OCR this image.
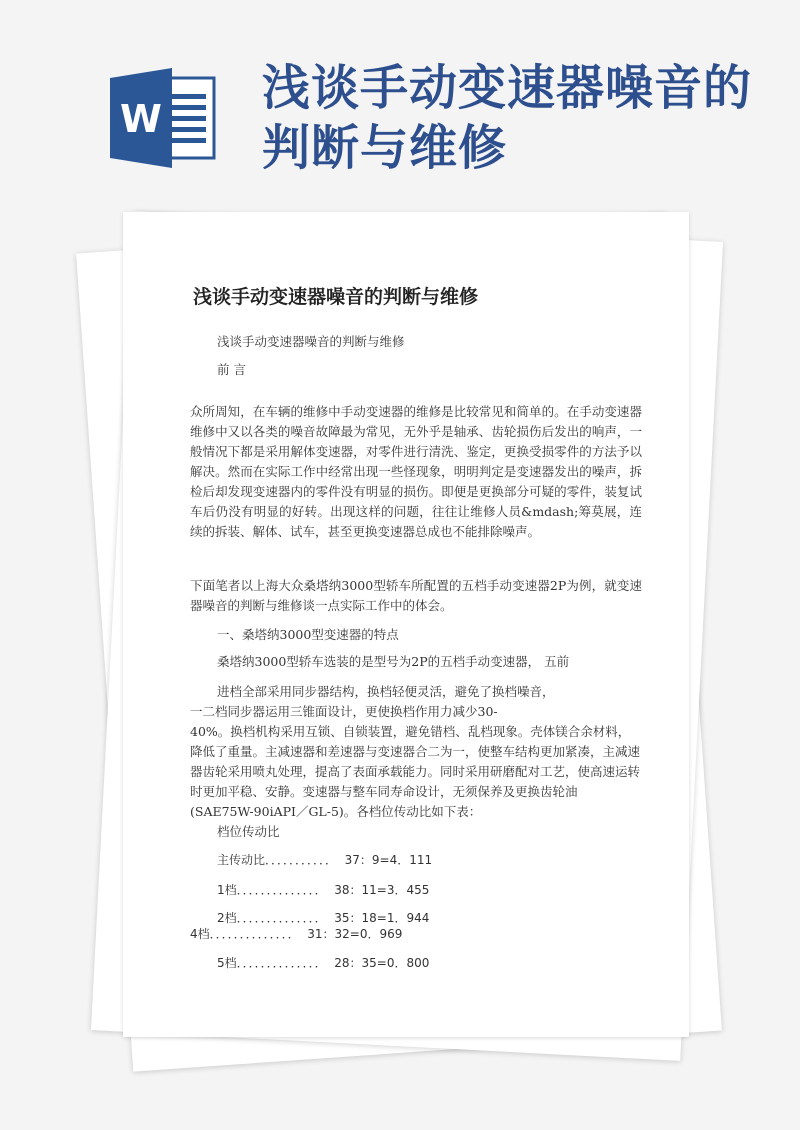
W
浅谈手动变速器噪音的
判断与维修
浅谈手动变速器噪音的判断与维修
浅谈手动变速器噪音的判断与维修
前 言
众所周知，在车辆的维修中手动变速器的维修是比较常见和简单的。在手动变速器维修中又以各类的噪音故障最为常见，无外乎是轴承、齿轮损伤后发出的响声，一般情况下都是采用解体变速器，对零件进行清洗、鉴定，更换受损零件的方法予以解决。然而在实际工作中经常出现一些怪现象，明明判定是变速器发出的噪声，拆检后却发现变速器内的零件没有明显的损伤。即便是更换部分可疑的零件，装复试车后仍没有明显的好转。出现这样的问题，往往让维修人员&mdash;筹莫展，连续的拆装、解体、试车，甚至更换变速器总成也不能排除噪声。
下面笔者以上海大众桑塔纳3000型轿车所配置的五档手动变速器2P为例，就变速器噪音的判断与维修谈一点实际工作中的体会。
一、桑塔纳3000型变速器的特点
桑塔纳3000型轿车选装的是型号为2P的五档手动变速器， 五前
进档全部采用同步器结构，换档轻便灵活，避免了换档噪音，
一二档同步器运用三锥面设计，更使换档作用力减少30-
40%。换档机构采用互锁、自锁装置，避免错档、乱档现象。壳体镁合余材料，降低了重量。主减速器和差速器与变速器合二为一，使整车结构更加紧凑，主减速器齿轮采用喷丸处理，提高了表面承载能力。同时采用研磨配对工艺，使高速运转时更加平稳、安静。变速器与整车同寿命设计，无须保养及更换齿轮油(SAE75W-90iAPI／GL-5)。各档位传动比如下表：
档位传动比
主传动比．．．．．．．．．．．  37：9=4．111
1档．．．．．．．．．．．．．．  38：11=3．455
2档．．．．．．．．．．．．．．  35：18=1．944
4档．．．．．．．．．．．．．．  31：32=0．969
5档．．．．．．．．．．．．．．  28：35=0．800
